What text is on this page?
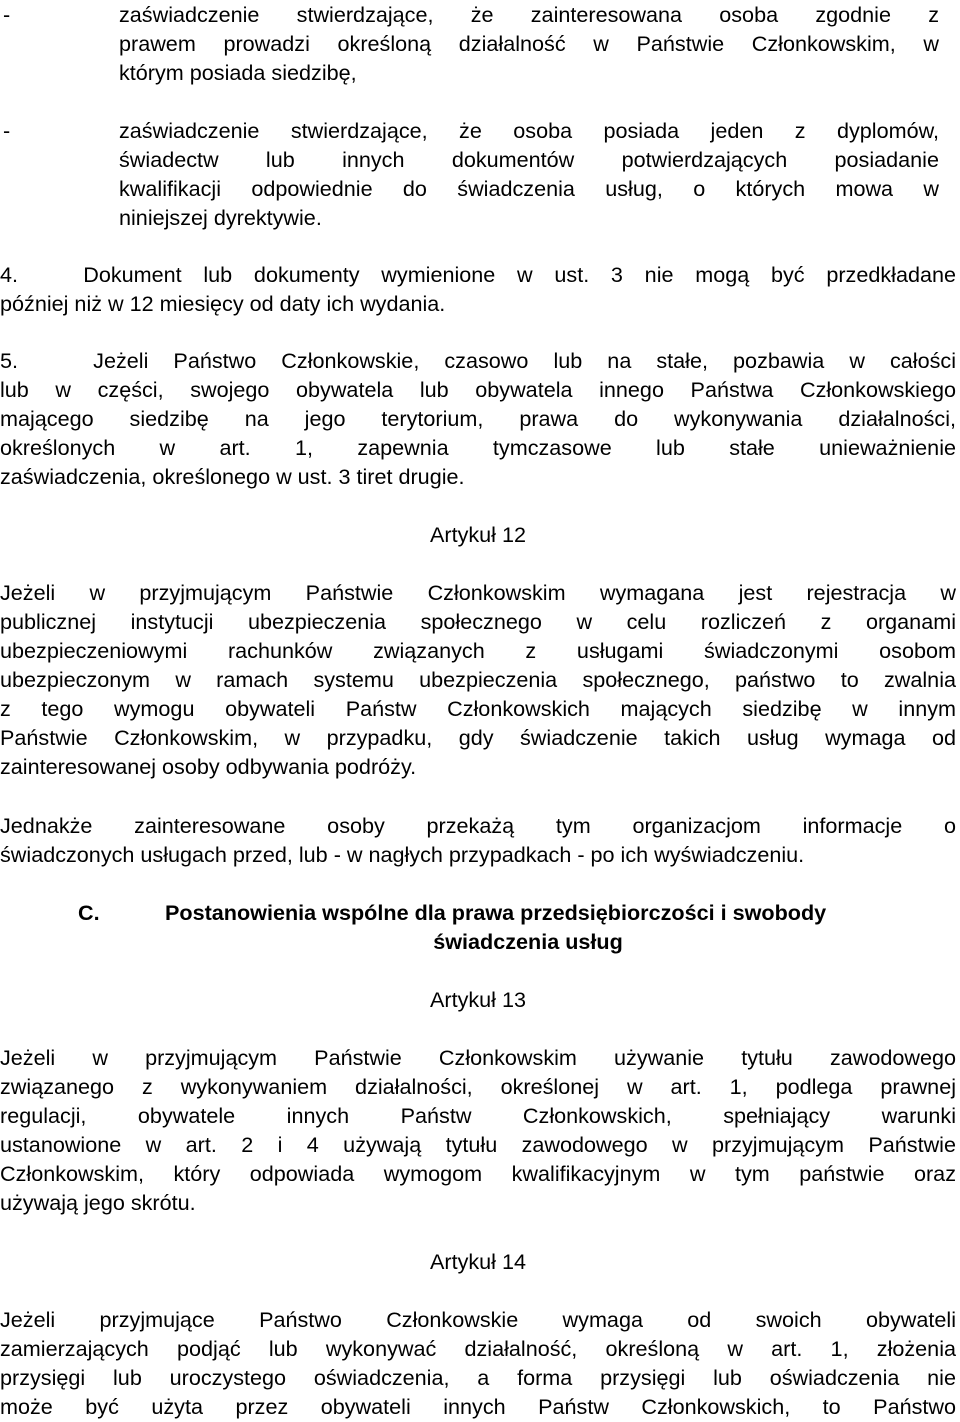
-	zaświadczenie stwierdzające, że zainteresowana osoba zgodnie z
prawem prowadzi określoną działalność w Państwie Członkowskim, w
którym posiada siedzibę,
-	zaświadczenie stwierdzające, że osoba posiada jeden z dyplomów,
świadectw lub innych dokumentów potwierdzających posiadanie
kwalifikacji odpowiednie do świadczenia usług, o których mowa w
niniejszej dyrektywie.
4.   Dokument lub dokumenty wymienione w ust. 3 nie mogą być przedkładane
później niż w 12 miesięcy od daty ich wydania.
5.   Jeżeli Państwo Członkowskie, czasowo lub na stałe, pozbawia w całości
lub w części, swojego obywatela lub obywatela innego Państwa Członkowskiego
mającego siedzibę na jego terytorium, prawa do wykonywania działalności,
określonych w art. 1, zapewnia tymczasowe lub stałe unieważnienie
zaświadczenia, określonego w ust. 3 tiret drugie.
Artykuł 12
Jeżeli w przyjmującym Państwie Członkowskim wymagana jest rejestracja w
publicznej instytucji ubezpieczenia społecznego w celu rozliczeń z organami
ubezpieczeniowymi rachunków związanych z usługami świadczonymi osobom
ubezpieczonym w ramach systemu ubezpieczenia społecznego, państwo to zwalnia
z tego wymogu obywateli Państw Członkowskich mających siedzibę w innym
Państwie Członkowskim, w przypadku, gdy świadczenie takich usług wymaga od
zainteresowanej osoby odbywania podróży.
Jednakże zainteresowane osoby przekażą tym organizacjom informacje o
świadczonych usługach przed, lub - w nagłych przypadkach - po ich wyświadczeniu.
C.	Postanowienia wspólne dla prawa przedsiębiorczości i swobody
świadczenia usług
Artykuł 13
Jeżeli w przyjmującym Państwie Członkowskim używanie tytułu zawodowego
związanego z wykonywaniem działalności, określonej w art. 1, podlega prawnej
regulacji, obywatele innych Państw Członkowskich, spełniający warunki
ustanowione w art. 2 i 4 używają tytułu zawodowego w przyjmującym Państwie
Członkowskim, który odpowiada wymogom kwalifikacyjnym w tym państwie oraz
używają jego skrótu.
Artykuł 14
Jeżeli przyjmujące Państwo Członkowskie wymaga od swoich obywateli
zamierzających podjąć lub wykonywać działalność, określoną w art. 1, złożenia
przysięgi lub uroczystego oświadczenia, a forma przysięgi lub oświadczenia nie
może być użyta przez obywateli innych Państw Członkowskich, to Państwo
